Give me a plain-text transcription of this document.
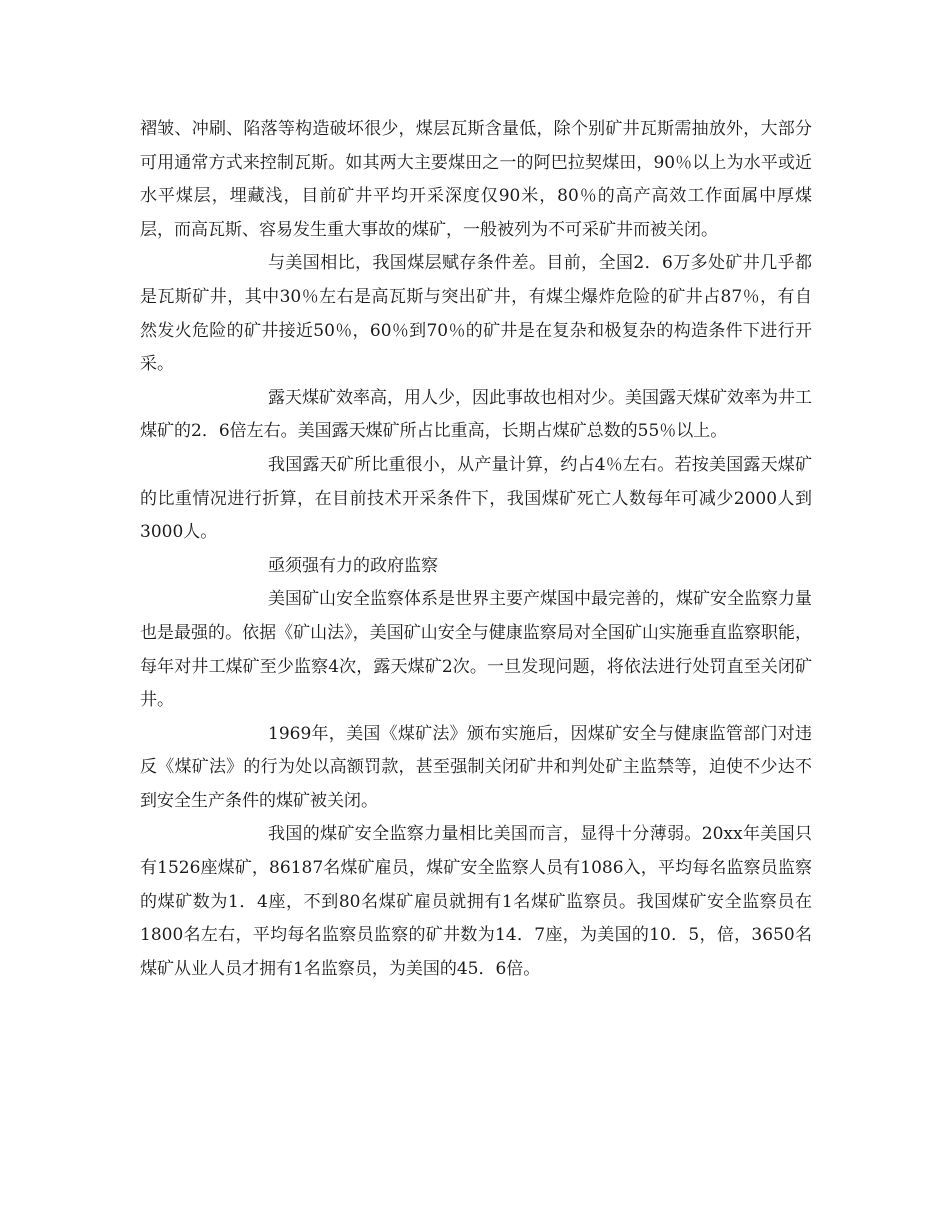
褶皱、冲刷、陷落等构造破坏很少，煤层瓦斯含量低，除个别矿井瓦斯需抽放外，大部分可用通常方式来控制瓦斯。如其两大主要煤田之一的阿巴拉契煤田，90％以上为水平或近水平煤层，埋藏浅，目前矿井平均开采深度仅90米，80％的高产高效工作面属中厚煤层，而高瓦斯、容易发生重大事故的煤矿，一般被列为不可采矿井而被关闭。

与美国相比，我国煤层赋存条件差。目前，全国2．6万多处矿井几乎都是瓦斯矿井，其中30％左右是高瓦斯与突出矿井，有煤尘爆炸危险的矿井占87％，有自然发火危险的矿井接近50％，60％到70％的矿井是在复杂和极复杂的构造条件下进行开采。

露天煤矿效率高，用人少，因此事故也相对少。美国露天煤矿效率为井工煤矿的2．6倍左右。美国露天煤矿所占比重高，长期占煤矿总数的55％以上。

我国露天矿所比重很小，从产量计算，约占4％左右。若按美国露天煤矿的比重情况进行折算，在目前技术开采条件下，我国煤矿死亡人数每年可减少2000人到3000人。

亟须强有力的政府监察

美国矿山安全监察体系是世界主要产煤国中最完善的，煤矿安全监察力量也是最强的。依据《矿山法》，美国矿山安全与健康监察局对全国矿山实施垂直监察职能，每年对井工煤矿至少监察4次，露天煤矿2次。一旦发现问题，将依法进行处罚直至关闭矿井。

1969年，美国《煤矿法》颁布实施后，因煤矿安全与健康监管部门对违反《煤矿法》的行为处以高额罚款，甚至强制关闭矿井和判处矿主监禁等，迫使不少达不到安全生产条件的煤矿被关闭。

我国的煤矿安全监察力量相比美国而言，显得十分薄弱。20xx年美国只有1526座煤矿，86187名煤矿雇员，煤矿安全监察人员有1086入，平均每名监察员监察的煤矿数为1．4座，不到80名煤矿雇员就拥有1名煤矿监察员。我国煤矿安全监察员在1800名左右，平均每名监察员监察的矿井数为14．7座，为美国的10．5，倍，3650名煤矿从业人员才拥有1名监察员，为美国的45．6倍。
